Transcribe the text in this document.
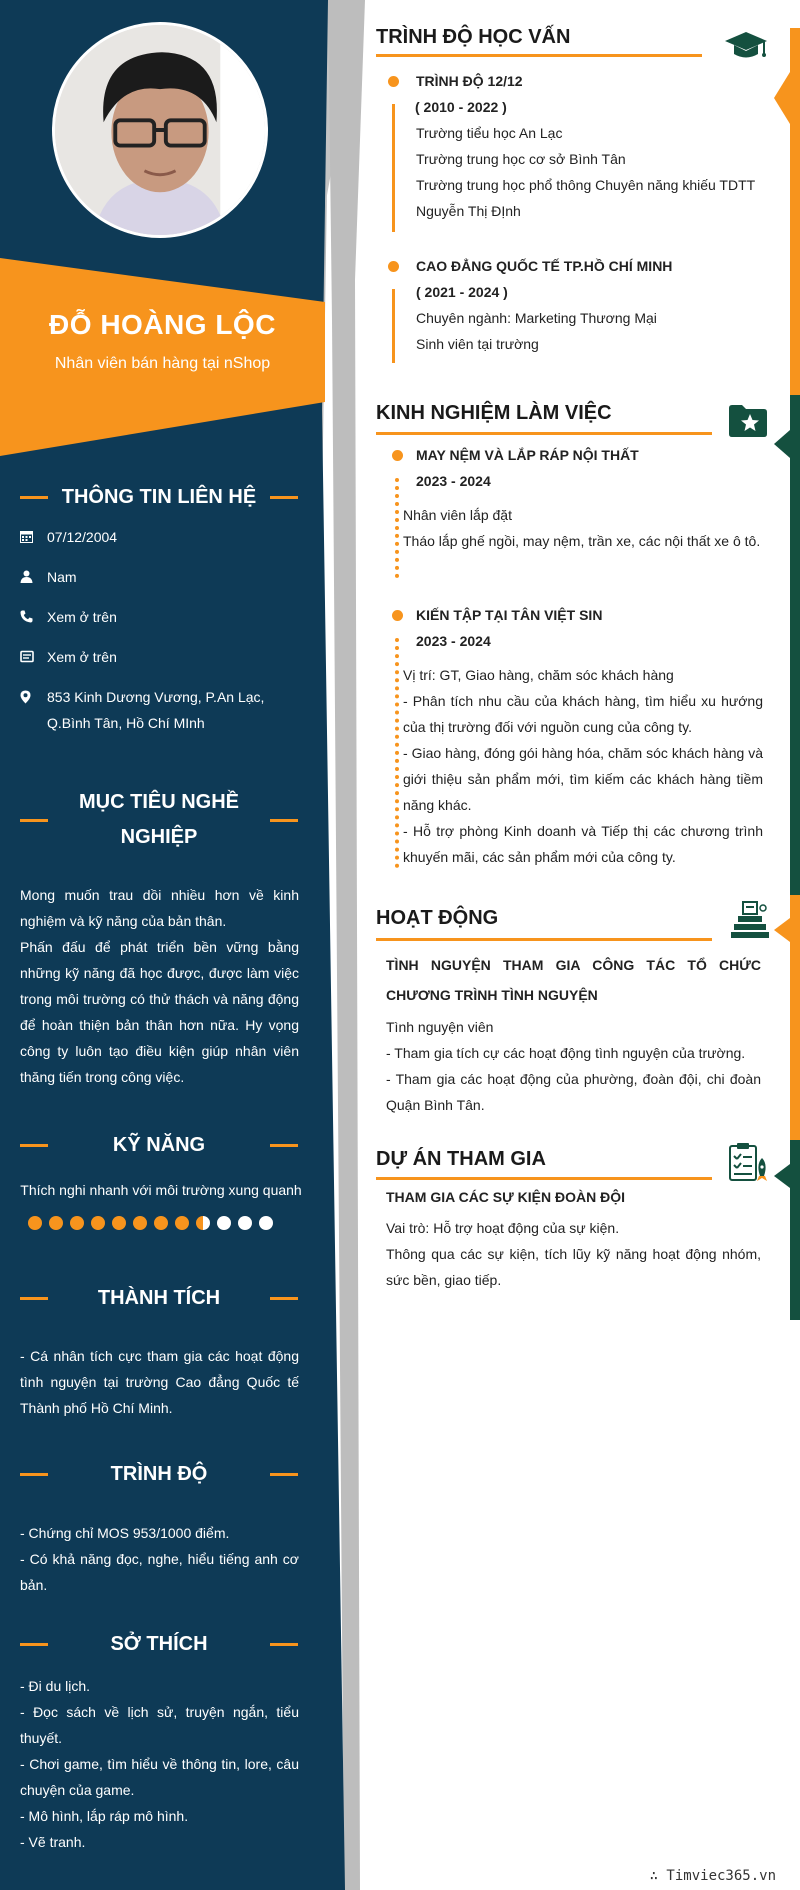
ĐỖ HOÀNG LỘC
Nhân viên bán hàng tại nShop
THÔNG TIN LIÊN HỆ
07/12/2004
Nam
Xem ở trên
Xem ở trên
853 Kinh Dương Vương, P.An Lạc, Q.Bình Tân, Hồ Chí MInh
MỤC TIÊU NGHỀ
NGHIỆP

Mong muốn trau dồi nhiều hơn về kinh nghiệm và kỹ năng của bản thân.

Phấn đấu để phát triển bền vững bằng những kỹ năng đã học được, được làm việc trong môi trường có thử thách và năng động để hoàn thiện bản thân hơn nữa. Hy vọng công ty luôn tạo điều kiện giúp nhân viên thăng tiến trong công việc.

KỸ NĂNG
Thích nghi nhanh với môi trường xung quanh
THÀNH TÍCH
- Cá nhân tích cực tham gia các hoạt động tình nguyện tại trường Cao đẳng Quốc tế Thành phố Hồ Chí Minh.
TRÌNH ĐỘ

- Chứng chỉ MOS 953/1000 điểm.

- Có khả năng đọc, nghe, hiểu tiếng anh cơ bản.

SỞ THÍCH

- Đi du lịch.

- Đọc sách về lịch sử, truyện ngắn, tiểu thuyết.

- Chơi game, tìm hiểu về thông tin, lore, câu chuyện của game.

- Mô hình, lắp ráp mô hình.

- Vẽ tranh.

TRÌNH ĐỘ HỌC VẤN

TRÌNH ĐỘ 12/12

( 2010 - 2022 )

Trường tiểu học An Lạc

Trường trung học cơ sở Bình Tân

Trường trung học phổ thông Chuyên năng khiếu TDTT Nguyễn Thị ĐỊnh

CAO ĐẲNG QUỐC TẾ TP.HỒ CHÍ MINH

( 2021 - 2024 )

Chuyên ngành: Marketing Thương Mại

Sinh viên tại trường

KINH NGHIỆM LÀM VIỆC

MAY NỆM VÀ LẮP RÁP NỘI THẤT

2023 - 2024

Nhân viên lắp đặt

Tháo lắp ghế ngồi, may nệm, trần xe, các nội thất xe ô tô.

KIẾN TẬP TẠI TÂN VIỆT SIN

2023 - 2024

Vị trí: GT, Giao hàng, chăm sóc khách hàng

- Phân tích nhu cầu của khách hàng, tìm hiểu xu hướng của thị trường đối với nguồn cung của công ty.

- Giao hàng, đóng gói hàng hóa, chăm sóc khách hàng và giới thiệu sản phẩm mới, tìm kiếm các khách hàng tiềm năng khác.

- Hỗ trợ phòng Kinh doanh và Tiếp thị các chương trình khuyến mãi, các sản phẩm mới của công ty.

HOẠT ĐỘNG
TÌNH NGUYỆN THAM GIA CÔNG TÁC TỔ CHỨC CHƯƠNG TRÌNH TÌNH NGUYỆN

Tình nguyện viên

- Tham gia tích cự các hoạt động tình nguyện của trường.

- Tham gia các hoạt động của phường, đoàn đội, chi đoàn Quận Bình Tân.

DỰ ÁN THAM GIA
THAM GIA CÁC SỰ KIỆN ĐOÀN ĐỘI

Vai trò: Hỗ trợ hoạt động của sự kiện.

Thông qua các sự kiện, tích lũy kỹ năng hoạt động nhóm, sức bền, giao tiếp.

∴ Timviec365.vn
